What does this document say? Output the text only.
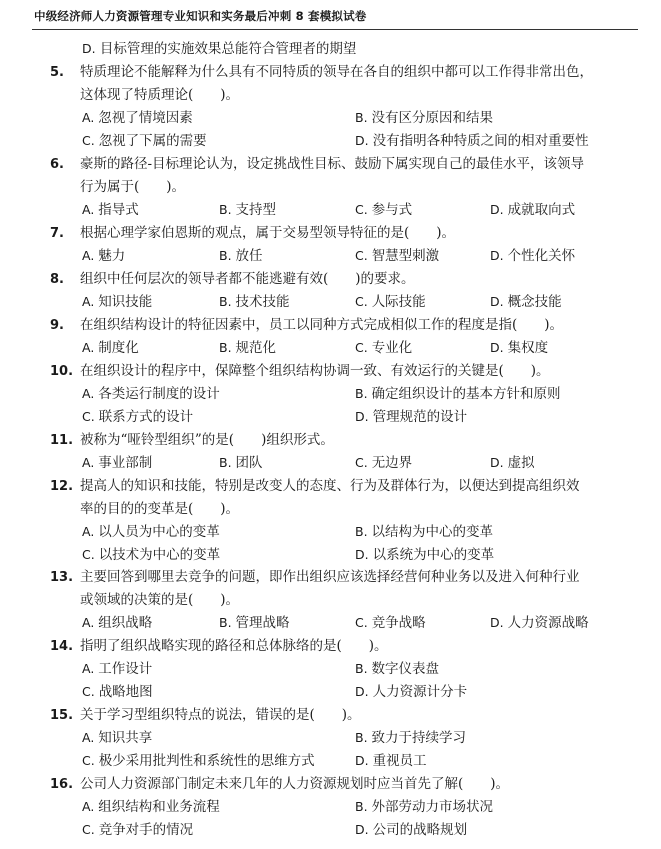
中级经济师人力资源管理专业知识和实务最后冲刺 8 套模拟试卷
D. 目标管理的实施效果总能符合管理者的期望
5. 特质理论不能解释为什么具有不同特质的领导在各自的组织中都可以工作得非常出色，
这体现了特质理论(　　)。
A. 忽视了情境因素	B. 没有区分原因和结果
C. 忽视了下属的需要	D. 没有指明各种特质之间的相对重要性
6. 豪斯的路径-目标理论认为，设定挑战性目标、鼓励下属实现自己的最佳水平，该领导
行为属于(　　)。
A. 指导式	B. 支持型	C. 参与式	D. 成就取向式
7. 根据心理学家伯恩斯的观点，属于交易型领导特征的是(　　)。
A. 魅力	B. 放任	C. 智慧型刺激	D. 个性化关怀
8. 组织中任何层次的领导者都不能逃避有效(　　)的要求。
A. 知识技能	B. 技术技能	C. 人际技能	D. 概念技能
9. 在组织结构设计的特征因素中，员工以同种方式完成相似工作的程度是指(　　)。
A. 制度化	B. 规范化	C. 专业化	D. 集权度
10. 在组织设计的程序中，保障整个组织结构协调一致、有效运行的关键是(　　)。
A. 各类运行制度的设计	B. 确定组织设计的基本方针和原则
C. 联系方式的设计	D. 管理规范的设计
11. 被称为“哑铃型组织”的是(　　)组织形式。
A. 事业部制	B. 团队	C. 无边界	D. 虚拟
12. 提高人的知识和技能，特别是改变人的态度、行为及群体行为，以便达到提高组织效
率的目的的变革是(　　)。
A. 以人员为中心的变革	B. 以结构为中心的变革
C. 以技术为中心的变革	D. 以系统为中心的变革
13. 主要回答到哪里去竞争的问题，即作出组织应该选择经营何种业务以及进入何种行业
或领域的决策的是(　　)。
A. 组织战略	B. 管理战略	C. 竞争战略	D. 人力资源战略
14. 指明了组织战略实现的路径和总体脉络的是(　　)。
A. 工作设计	B. 数字仪表盘
C. 战略地图	D. 人力资源计分卡
15. 关于学习型组织特点的说法，错误的是(　　)。
A. 知识共享	B. 致力于持续学习
C. 极少采用批判性和系统性的思维方式	D. 重视员工
16. 公司人力资源部门制定未来几年的人力资源规划时应当首先了解(　　)。
A. 组织结构和业务流程	B. 外部劳动力市场状况
C. 竞争对手的情况	D. 公司的战略规划
